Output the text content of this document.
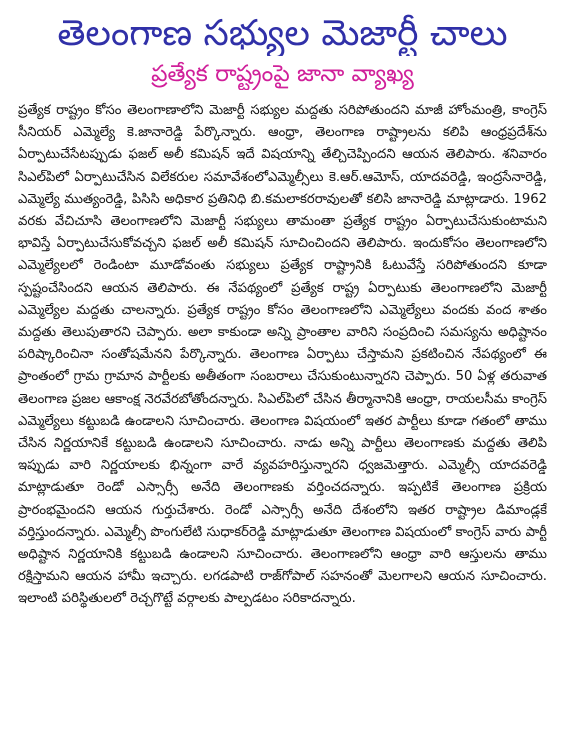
తెలంగాణ సభ్యుల మెజార్టీ చాలు
ప్రత్యేక రాష్ట్రంపై జానా వ్యాఖ్య

ప్రత్యేక రాష్ట్రం కోసం తెలంగాణాలోని మెజార్టీ సభ్యుల మద్దతు సరిపోతుందని మాజీ హోంమంత్రి, కాంగ్రెస్ సీనియర్ ఎమ్మెల్యే కె.జానారెడ్డి పేర్కొన్నారు. ఆంధ్రా, తెలంగాణ రాష్ట్రాలను కలిపి ఆంధ్రప్రదేశ్‌ను ఏర్పాటుచేసేటప్పుడు ఫజల్ అలీ కమిషన్ ఇదే విషయాన్ని తేల్చిచెప్పిందని ఆయన తెలిపారు. శనివారం సిఎల్‌పిలో ఏర్పాటుచేసిన విలేకరుల సమావేశంలోఎమ్మెల్సీలు కె.ఆర్.ఆమోస్, యాదవరెడ్డి, ఇంద్రసేనారెడ్డి, ఎమ్మెల్యే ముత్యంరెడ్డి, పిసిసి అధికార ప్రతినిధి బి.కమలాకరరావులతో కలిసి జానారెడ్డి మాట్లాడారు. 1962 వరకు వేచిచూసి తెలంగాణలోని మెజార్టీ సభ్యులు తామంతా ప్రత్యేక రాష్ట్రం ఏర్పాటుచేసుకుంటామని భావిస్తే ఏర్పాటుచేసుకోవచ్చని ఫజల్ అలీ కమిషన్ సూచించిందని తెలిపారు. ఇందుకోసం తెలంగాణలోని ఎమ్మెల్యేలలో రెండింటా మూడోవంతు సభ్యులు ప్రత్యేక రాష్ట్రానికి ఓటువేస్తే సరిపోతుందని కూడా స్పష్టంచేసిందని ఆయన తెలిపారు. ఈ నేపథ్యంలో ప్రత్యేక రాష్ట్ర ఏర్పాటుకు తెలంగాణలోని మెజార్టీ ఎమ్మెల్యేల మద్దతు చాలన్నారు. ప్రత్యేక రాష్ట్రం కోసం తెలంగాణలోని ఎమ్మెల్యేలు వందకు వంద శాతం మద్దతు తెలుపుతారని చెప్పారు. అలా కాకుండా అన్ని ప్రాంతాల వారిని సంప్రదించి సమస్యను అధిష్టానం పరిష్కారించినా సంతోషమేనని పేర్కొన్నారు. తెలంగాణ ఏర్పాటు చేస్తామని ప్రకటించిన నేపథ్యంలో ఈ ప్రాంతంలో గ్రామ గ్రామాన పార్టీలకు అతీతంగా సంబరాలు చేసుకుంటున్నారని చెప్పారు. 50 ఏళ్ల తరువాత తెలంగాణ ప్రజల ఆకాంక్ష నెరవేరబోతోందన్నారు. సిఎల్‌పిలో చేసిన తీర్మానానికి ఆంధ్రా, రాయలసీమ కాంగ్రెస్ ఎమ్మెల్యేలు కట్టుబడి ఉండాలని సూచించారు. తెలంగాణ విషయంలో ఇతర పార్టీలు కూడా గతంలో తాము చేసిన నిర్ణయానికే కట్టుబడి ఉండాలని సూచించారు. నాడు అన్ని పార్టీలు తెలంగాణకు మద్దతు తెలిపి ఇప్పుడు వారి నిర్ణయాలకు భిన్నంగా వారే వ్యవహరిస్తున్నారని ధ్వజమెత్తారు. ఎమ్మెల్సీ యాదవరెడ్డి మాట్లాడుతూ రెండో ఎస్సార్సీ అనేది తెలంగాణకు వర్తించదన్నారు. ఇప్పటికే తెలంగాణ ప్రక్రియ ప్రారంభమైందని ఆయన గుర్తుచేశారు. రెండో ఎస్సార్సీ అనేది దేశంలోని ఇతర రాష్ట్రాల డిమాండ్లకే వర్తిస్తుందన్నారు. ఎమ్మెల్సీ పొంగులేటి సుధాకర్‌రెడ్డి మాట్లాడుతూ తెలంగాణ విషయంలో కాంగ్రెస్ వారు పార్టీ అధిష్టాన నిర్ణయానికి కట్టుబడి ఉండాలని సూచించారు. తెలంగాణలోని ఆంధ్రా వారి ఆస్తులను తాము రక్షిస్తామని ఆయన హామీ ఇచ్చారు. లగడపాటి రాజ్‌గోపాల్ సహనంతో మెలగాలని ఆయన సూచించారు. ఇలాంటి పరిస్థితులలో రెచ్చగొట్టే వర్గాలకు పాల్పడటం సరికాదన్నారు.
